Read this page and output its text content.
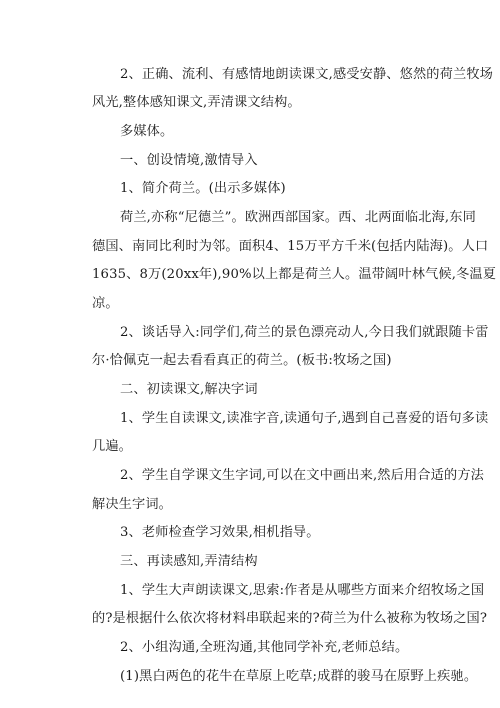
2、正确、流利、有感情地朗读课文,感受安静、悠然的荷兰牧场
风光,整体感知课文,弄清课文结构。
多媒体。
一、创设情境,激情导入
1、简介荷兰。(出示多媒体)
荷兰,亦称“尼德兰”。欧洲西部国家。西、北两面临北海,东同
德国、南同比利时为邻。面积4、15万平方千米(包括内陆海)。人口
1635、8万(20xx年),90%以上都是荷兰人。温带阔叶林气候,冬温夏
凉。
2、谈话导入:同学们,荷兰的景色漂亮动人,今日我们就跟随卡雷
尔·恰佩克一起去看看真正的荷兰。(板书:牧场之国)
二、初读课文,解决字词
1、学生自读课文,读准字音,读通句子,遇到自己喜爱的语句多读
几遍。
2、学生自学课文生字词,可以在文中画出来,然后用合适的方法
解决生字词。
3、老师检查学习效果,相机指导。
三、再读感知,弄清结构
1、学生大声朗读课文,思索:作者是从哪些方面来介绍牧场之国
的?是根据什么依次将材料串联起来的?荷兰为什么被称为牧场之国?
2、小组沟通,全班沟通,其他同学补充,老师总结。
(1)黑白两色的花牛在草原上吃草;成群的骏马在原野上疾驰。
